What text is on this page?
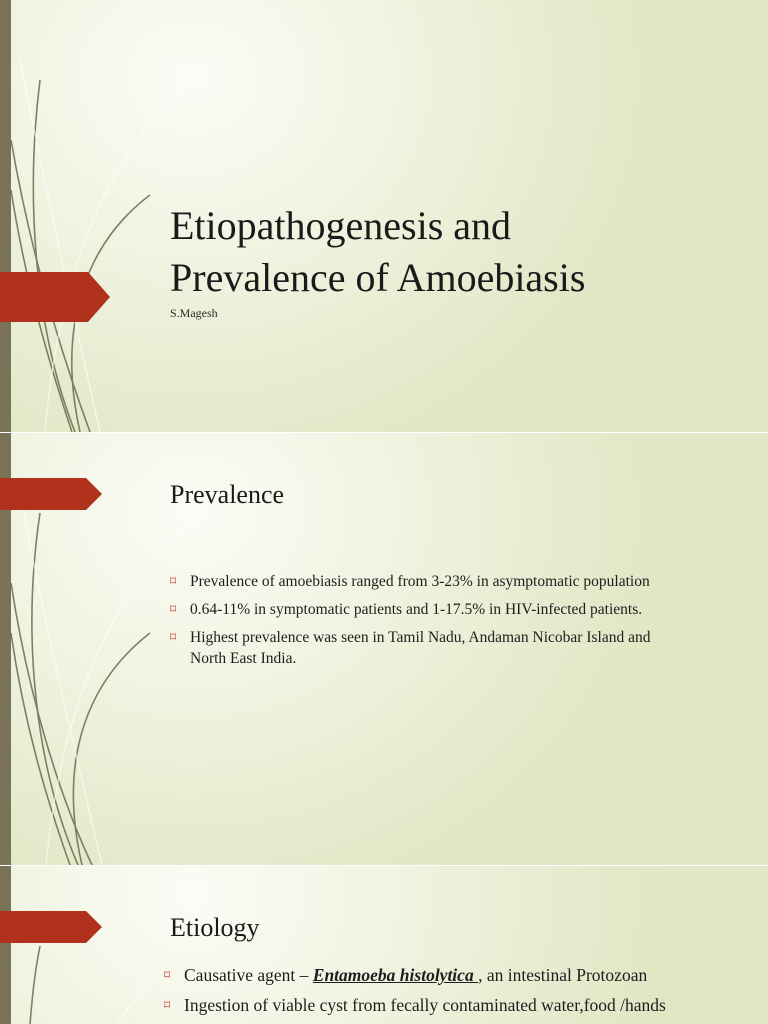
Etiopathogenesis and
Prevalence of Amoebiasis
S.Magesh
Prevalence
⌑ Prevalence of amoebiasis ranged from 3-23% in asymptomatic population
⌑ 0.64-11% in symptomatic patients and 1-17.5% in HIV-infected patients.
⌑ Highest prevalence was seen in Tamil Nadu, Andaman Nicobar Island and
North East India.
Etiology
⌑ Causative agent – Entamoeba histolytica , an intestinal Protozoan
⌑ Ingestion of viable cyst from fecally contaminated water,food /hands
